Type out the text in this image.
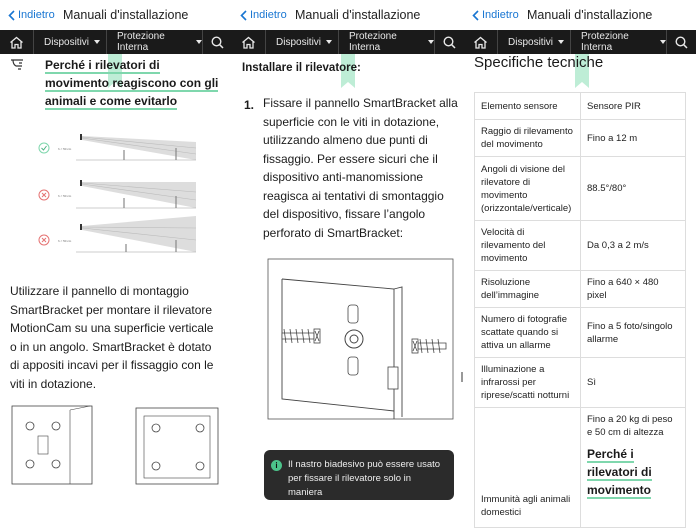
Indietro Manuali d'installazione
Dispositivi	Protezione Interna
Perché i rilevatori di movimento reagiscono con gli animali e come evitarlo
h < 50 cm
h < 50 cm
h < 50 cm
Utilizzare il pannello di montaggio SmartBracket per montare il rilevatore MotionCam su una superficie verticale o in un angolo. SmartBracket è dotato di appositi incavi per il fissaggio con le viti in dotazione.
Indietro Manuali d'installazione
Dispositivi	Protezione Interna
Installare il rilevatore:
1. Fissare il pannello SmartBracket alla superficie con le viti in dotazione, utilizzando almeno due punti di fissaggio. Per essere sicuri che il dispositivo anti-manomissione reagisca ai tentativi di smontaggio del dispositivo, fissare l’angolo perforato di SmartBracket:
i	Il nastro biadesivo può essere usato per fissare il rilevatore solo in maniera
Indietro Manuali d'installazione
Dispositivi	Protezione Interna
Specifiche tecniche
Elemento sensore	Sensore PIR
Raggio di rilevamento del movimento	Fino a 12 m
Angoli di visione del rilevatore di movimento (orizzontale/verticale)	88.5°/80°
Velocità di rilevamento del movimento	Da 0,3 a 2 m/s
Risoluzione dell’immagine	Fino a 640 × 480 pixel
Numero di fotografie scattate quando si attiva un allarme	Fino a 5 foto/singolo allarme
Illuminazione a infrarossi per riprese/scatti notturni	Sì
Immunità agli animali domestici	Fino a 20 kg di peso e 50 cm di altezza
Perché i rilevatori di movimento
